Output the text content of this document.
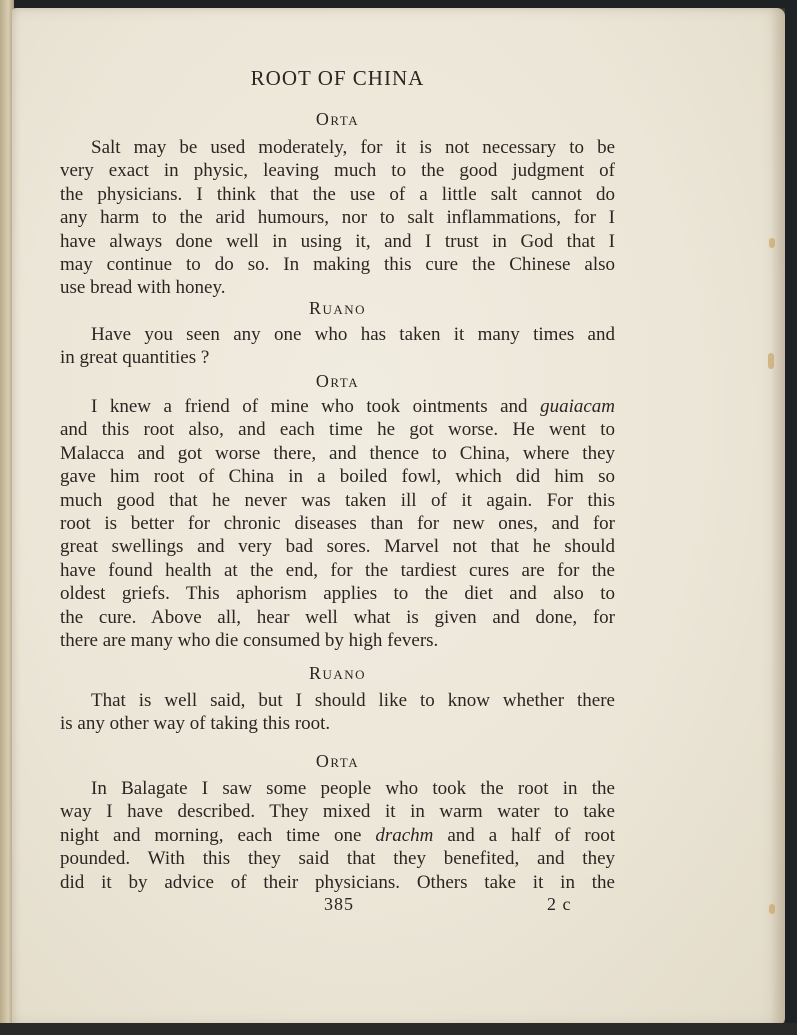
ROOT OF CHINA

Orta

Salt may be used moderately, for it is not necessary to be
very exact in physic, leaving much to the good judgment of
the physicians. I think that the use of a little salt cannot do
any harm to the arid humours, nor to salt inflammations, for I
have always done well in using it, and I trust in God that I
may continue to do so. In making this cure the Chinese also
use bread with honey.

Ruano

Have you seen any one who has taken it many times and
in great quantities ?

Orta

I knew a friend of mine who took ointments and guaiacam
and this root also, and each time he got worse. He went to
Malacca and got worse there, and thence to China, where they
gave him root of China in a boiled fowl, which did him so
much good that he never was taken ill of it again. For this
root is better for chronic diseases than for new ones, and for
great swellings and very bad sores. Marvel not that he should
have found health at the end, for the tardiest cures are for the
oldest griefs. This aphorism applies to the diet and also to
the cure. Above all, hear well what is given and done, for
there are many who die consumed by high fevers.

Ruano

That is well said, but I should like to know whether there
is any other way of taking this root.

Orta

In Balagate I saw some people who took the root in the
way I have described. They mixed it in warm water to take
night and morning, each time one drachm and a half of root
pounded. With this they said that they benefited, and they
did it by advice of their physicians. Others take it in the

385	2 c
